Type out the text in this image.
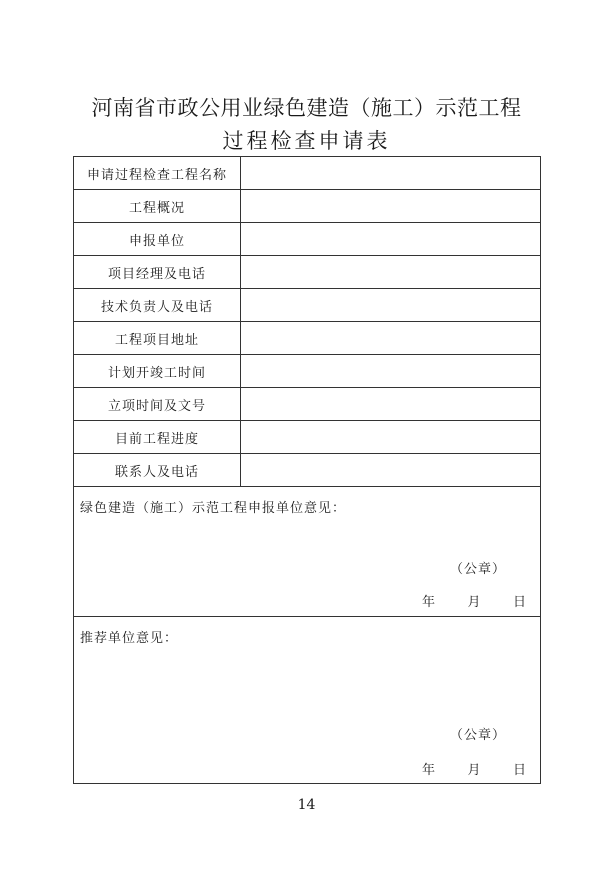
河南省市政公用业绿色建造（施工）示范工程
过程检查申请表
申请过程检查工程名称
工程概况
申报单位
项目经理及电话
技术负责人及电话
工程项目地址
计划开竣工时间
立项时间及文号
目前工程进度
联系人及电话
绿色建造（施工）示范工程申报单位意见：
（公章）
年 月 日
推荐单位意见：
（公章）
年 月 日
14
